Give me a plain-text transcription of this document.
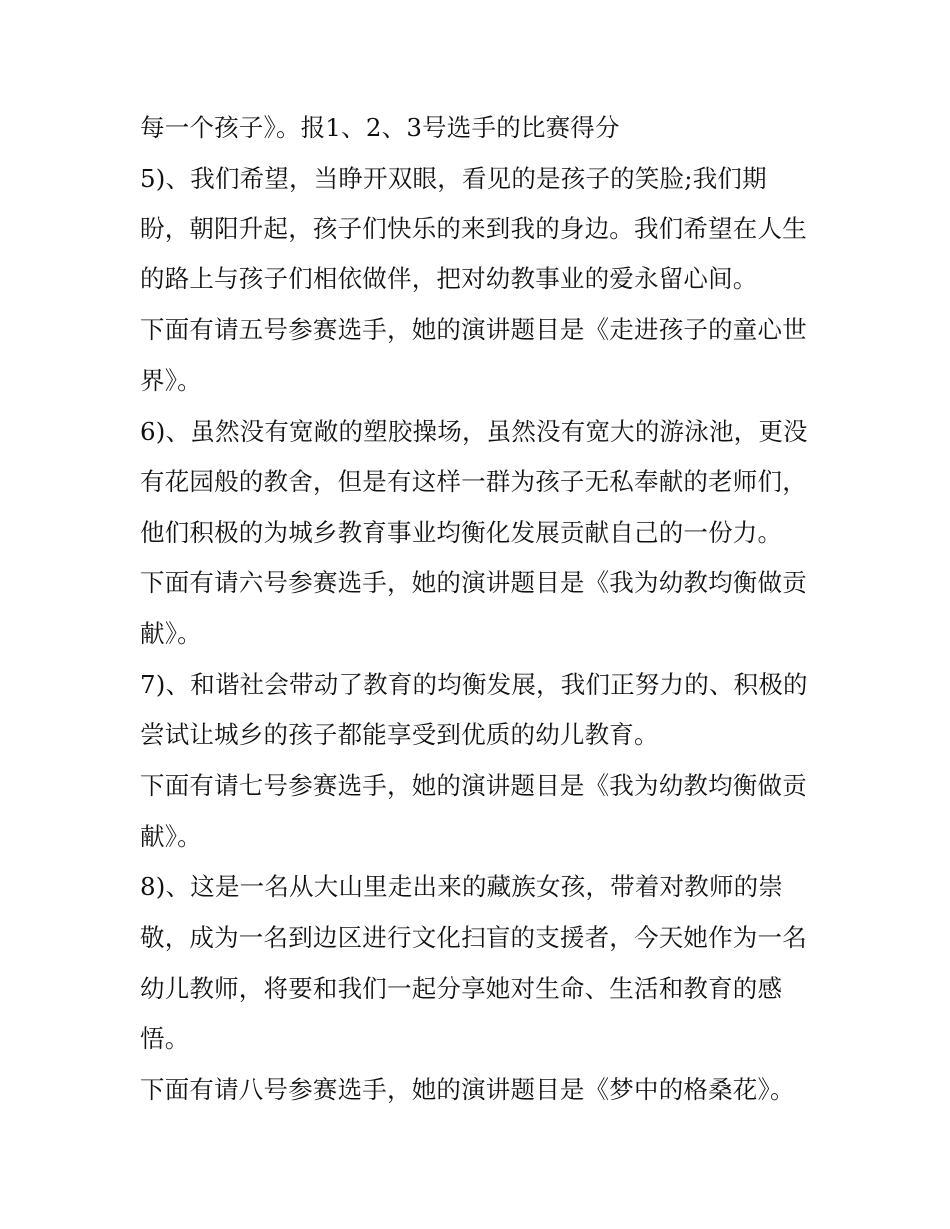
每一个孩子》。报1、2、3号选手的比赛得分
5)、我们希望，当睁开双眼，看见的是孩子的笑脸;我们期
盼，朝阳升起，孩子们快乐的来到我的身边。我们希望在人生
的路上与孩子们相依做伴，把对幼教事业的爱永留心间。
下面有请五号参赛选手，她的演讲题目是《走进孩子的童心世
界》。
6)、虽然没有宽敞的塑胶操场，虽然没有宽大的游泳池，更没
有花园般的教舍，但是有这样一群为孩子无私奉献的老师们，
他们积极的为城乡教育事业均衡化发展贡献自己的一份力。
下面有请六号参赛选手，她的演讲题目是《我为幼教均衡做贡
献》。
7)、和谐社会带动了教育的均衡发展，我们正努力的、积极的
尝试让城乡的孩子都能享受到优质的幼儿教育。
下面有请七号参赛选手，她的演讲题目是《我为幼教均衡做贡
献》。
8)、这是一名从大山里走出来的藏族女孩，带着对教师的崇
敬，成为一名到边区进行文化扫盲的支援者，今天她作为一名
幼儿教师，将要和我们一起分享她对生命、生活和教育的感
悟。
下面有请八号参赛选手，她的演讲题目是《梦中的格桑花》。
